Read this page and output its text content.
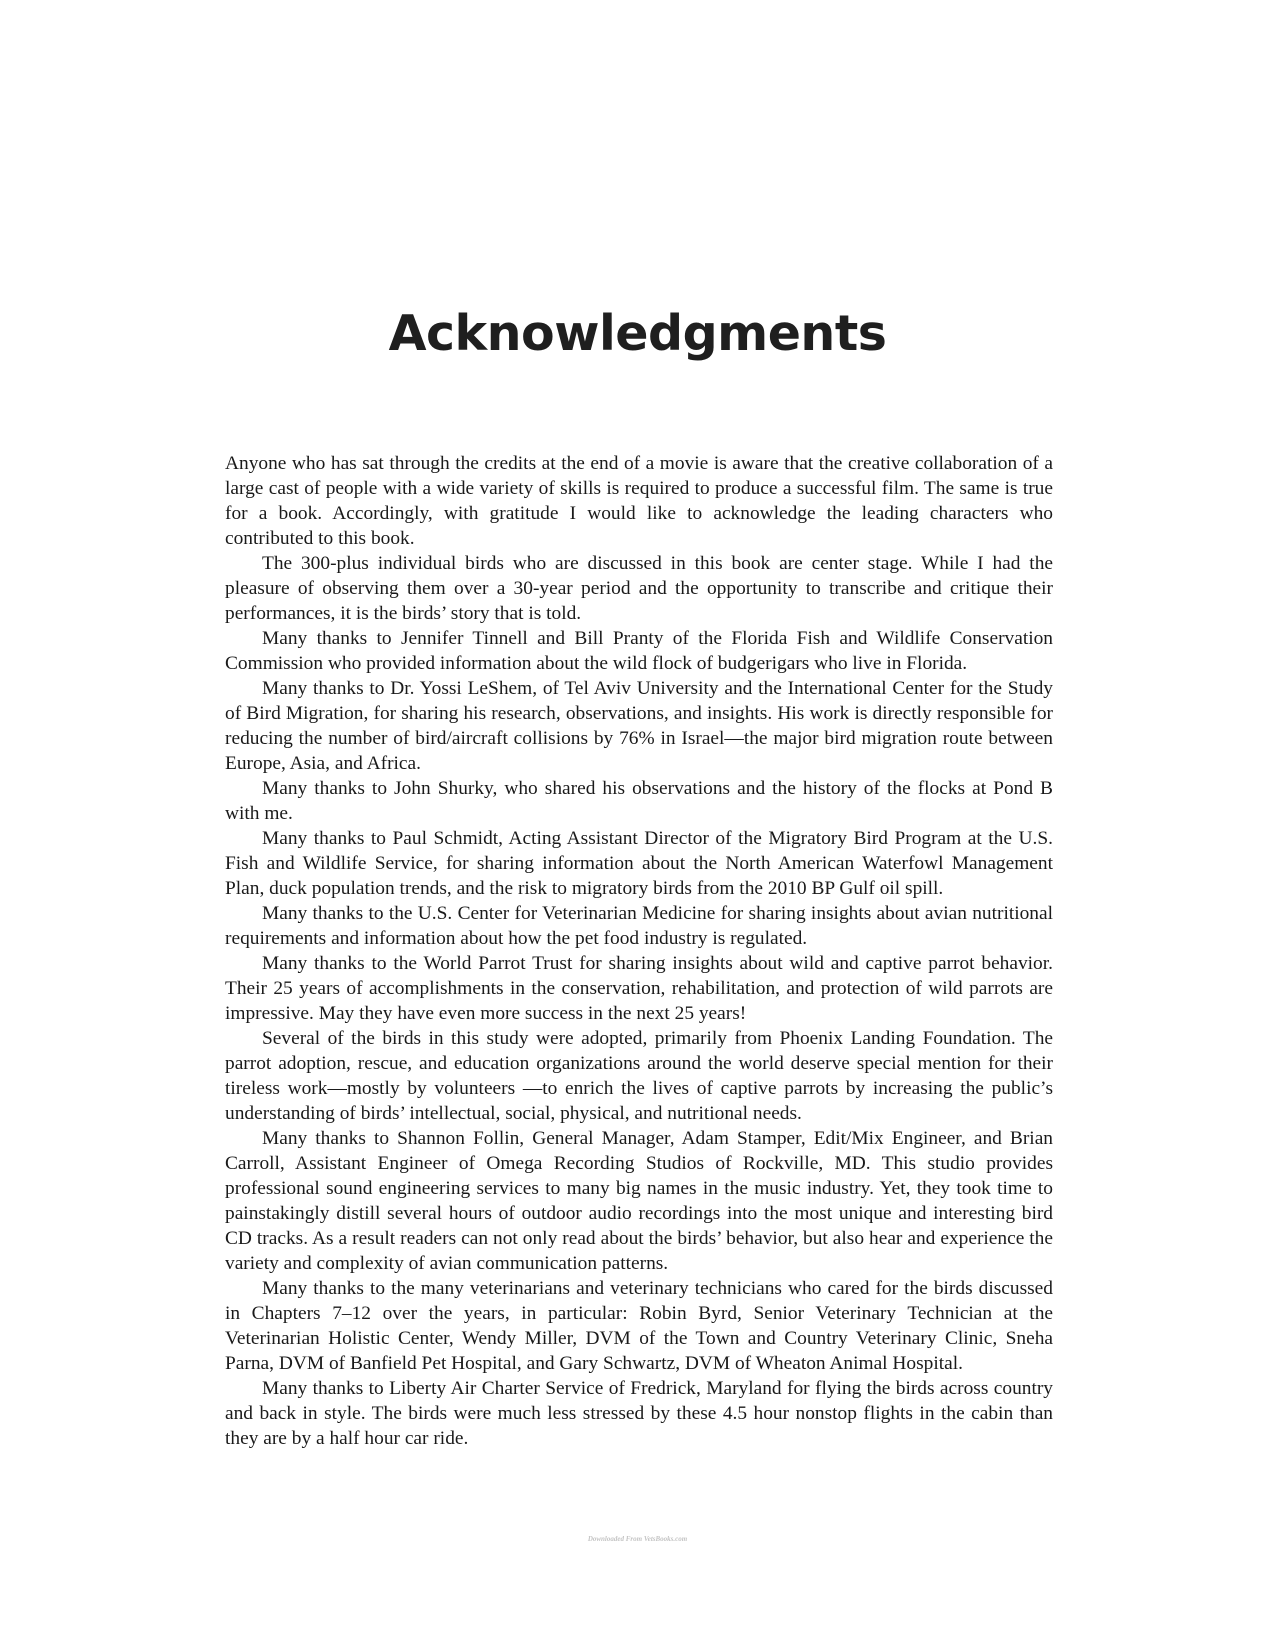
Acknowledgments

Anyone who has sat through the credits at the end of a movie is aware that the creative collaboration of a large cast of people with a wide variety of skills is required to produce a successful film. The same is true for a book. Accordingly, with gratitude I would like to acknowledge the leading characters who contributed to this book.

The 300-plus individual birds who are discussed in this book are center stage. While I had the pleasure of observing them over a 30-year period and the opportunity to transcribe and critique their performances, it is the birds’ story that is told.

Many thanks to Jennifer Tinnell and Bill Pranty of the Florida Fish and Wildlife Conservation Commission who provided information about the wild flock of budgerigars who live in Florida.

Many thanks to Dr. Yossi LeShem, of Tel Aviv University and the International Center for the Study of Bird Migration, for sharing his research, observations, and insights. His work is directly responsible for reducing the number of bird/aircraft collisions by 76% in Israel—the major bird migration route between Europe, Asia, and Africa.

Many thanks to John Shurky, who shared his observations and the history of the flocks at Pond B with me.

Many thanks to Paul Schmidt, Acting Assistant Director of the Migratory Bird Program at the U.S. Fish and Wildlife Service, for sharing information about the North American Waterfowl Management Plan, duck population trends, and the risk to migratory birds from the 2010 BP Gulf oil spill.

Many thanks to the U.S. Center for Veterinarian Medicine for sharing insights about avian nutritional requirements and information about how the pet food industry is regulated.

Many thanks to the World Parrot Trust for sharing insights about wild and captive parrot behavior. Their 25 years of accomplishments in the conservation, rehabilitation, and protection of wild parrots are impressive. May they have even more success in the next 25 years!

Several of the birds in this study were adopted, primarily from Phoenix Landing Foundation. The parrot adoption, rescue, and education organizations around the world deserve special mention for their tireless work—mostly by volunteers —to enrich the lives of captive parrots by increasing the public’s understanding of birds’ intellectual, social, physical, and nutritional needs.

Many thanks to Shannon Follin, General Manager, Adam Stamper, Edit/Mix Engineer, and Brian Carroll, Assistant Engineer of Omega Recording Studios of Rockville, MD. This studio provides professional sound engineering services to many big names in the music industry. Yet, they took time to painstakingly distill several hours of outdoor audio recordings into the most unique and interesting bird CD tracks. As a result readers can not only read about the birds’ behavior, but also hear and experience the variety and complexity of avian communication patterns.

Many thanks to the many veterinarians and veterinary technicians who cared for the birds discussed in Chapters 7–12 over the years, in particular: Robin Byrd, Senior Veterinary Technician at the Veterinarian Holistic Center, Wendy Miller, DVM of the Town and Country Veterinary Clinic, Sneha Parna, DVM of Banfield Pet Hospital, and Gary Schwartz, DVM of Wheaton Animal Hospital.

Many thanks to Liberty Air Charter Service of Fredrick, Maryland for flying the birds across country and back in style. The birds were much less stressed by these 4.5 hour nonstop flights in the cabin than they are by a half hour car ride.

Downloaded From VetsBooks.com
